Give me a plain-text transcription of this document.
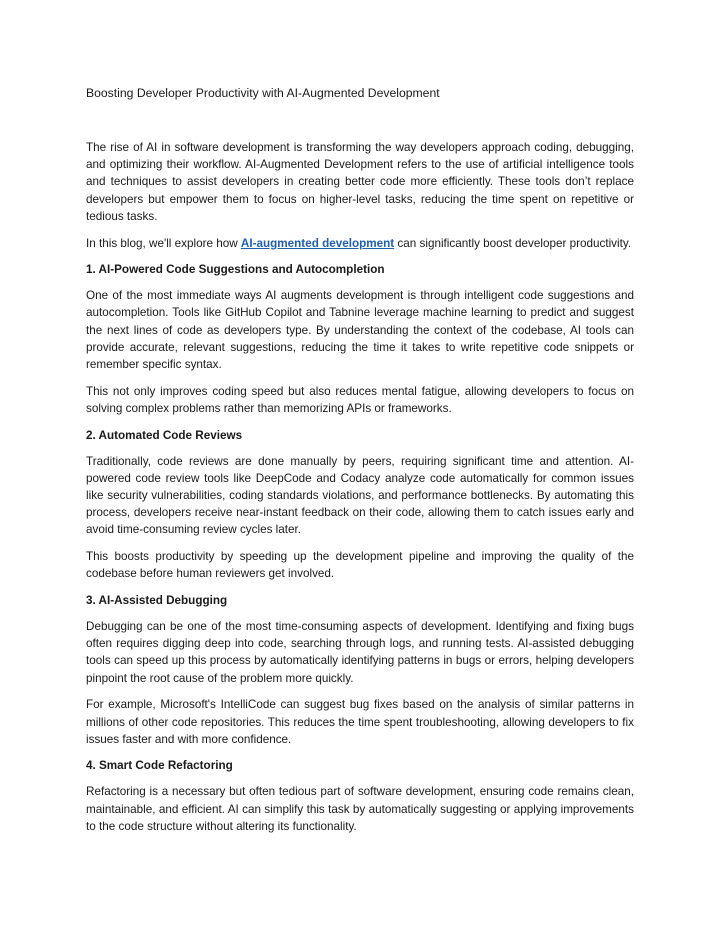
Boosting Developer Productivity with AI-Augmented Development

The rise of AI in software development is transforming the way developers approach coding, debugging, and optimizing their workflow. AI-Augmented Development refers to the use of artificial intelligence tools and techniques to assist developers in creating better code more efficiently. These tools don’t replace developers but empower them to focus on higher-level tasks, reducing the time spent on repetitive or tedious tasks.

In this blog, we'll explore how AI-augmented development can significantly boost developer productivity.

1. AI-Powered Code Suggestions and Autocompletion

One of the most immediate ways AI augments development is through intelligent code suggestions and autocompletion. Tools like GitHub Copilot and Tabnine leverage machine learning to predict and suggest the next lines of code as developers type. By understanding the context of the codebase, AI tools can provide accurate, relevant suggestions, reducing the time it takes to write repetitive code snippets or remember specific syntax.

This not only improves coding speed but also reduces mental fatigue, allowing developers to focus on solving complex problems rather than memorizing APIs or frameworks.

2. Automated Code Reviews

Traditionally, code reviews are done manually by peers, requiring significant time and attention. AI-powered code review tools like DeepCode and Codacy analyze code automatically for common issues like security vulnerabilities, coding standards violations, and performance bottlenecks. By automating this process, developers receive near-instant feedback on their code, allowing them to catch issues early and avoid time-consuming review cycles later.

This boosts productivity by speeding up the development pipeline and improving the quality of the codebase before human reviewers get involved.

3. AI-Assisted Debugging

Debugging can be one of the most time-consuming aspects of development. Identifying and fixing bugs often requires digging deep into code, searching through logs, and running tests. AI-assisted debugging tools can speed up this process by automatically identifying patterns in bugs or errors, helping developers pinpoint the root cause of the problem more quickly.

For example, Microsoft's IntelliCode can suggest bug fixes based on the analysis of similar patterns in millions of other code repositories. This reduces the time spent troubleshooting, allowing developers to fix issues faster and with more confidence.

4. Smart Code Refactoring

Refactoring is a necessary but often tedious part of software development, ensuring code remains clean, maintainable, and efficient. AI can simplify this task by automatically suggesting or applying improvements to the code structure without altering its functionality.
